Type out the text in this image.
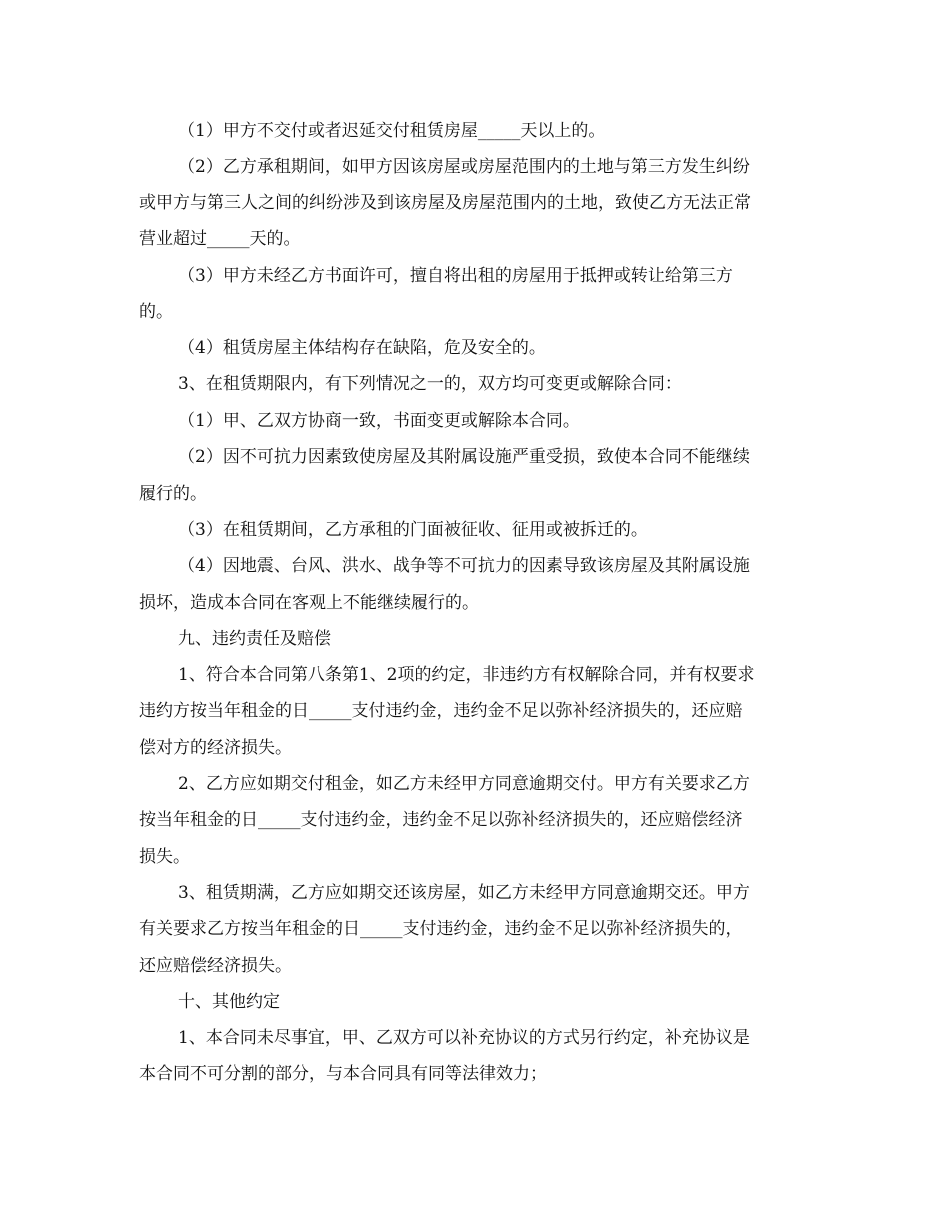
（1）甲方不交付或者迟延交付租赁房屋_____天以上的。

（2）乙方承租期间，如甲方因该房屋或房屋范围内的土地与第三方发生纠纷

或甲方与第三人之间的纠纷涉及到该房屋及房屋范围内的土地，致使乙方无法正常

营业超过_____天的。

（3）甲方未经乙方书面许可，擅自将出租的房屋用于抵押或转让给第三方

的。

（4）租赁房屋主体结构存在缺陷，危及安全的。

3、在租赁期限内，有下列情况之一的，双方均可变更或解除合同：

（1）甲、乙双方协商一致，书面变更或解除本合同。

（2）因不可抗力因素致使房屋及其附属设施严重受损，致使本合同不能继续

履行的。

（3）在租赁期间，乙方承租的门面被征收、征用或被拆迁的。

（4）因地震、台风、洪水、战争等不可抗力的因素导致该房屋及其附属设施

损坏，造成本合同在客观上不能继续履行的。

九、违约责任及赔偿

1、符合本合同第八条第1、2项的约定，非违约方有权解除合同，并有权要求

违约方按当年租金的日_____支付违约金，违约金不足以弥补经济损失的，还应赔

偿对方的经济损失。

2、乙方应如期交付租金，如乙方未经甲方同意逾期交付。甲方有关要求乙方

按当年租金的日_____支付违约金，违约金不足以弥补经济损失的，还应赔偿经济

损失。

3、租赁期满，乙方应如期交还该房屋，如乙方未经甲方同意逾期交还。甲方

有关要求乙方按当年租金的日_____支付违约金，违约金不足以弥补经济损失的，

还应赔偿经济损失。

十、其他约定

1、本合同未尽事宜，甲、乙双方可以补充协议的方式另行约定，补充协议是

本合同不可分割的部分，与本合同具有同等法律效力；
